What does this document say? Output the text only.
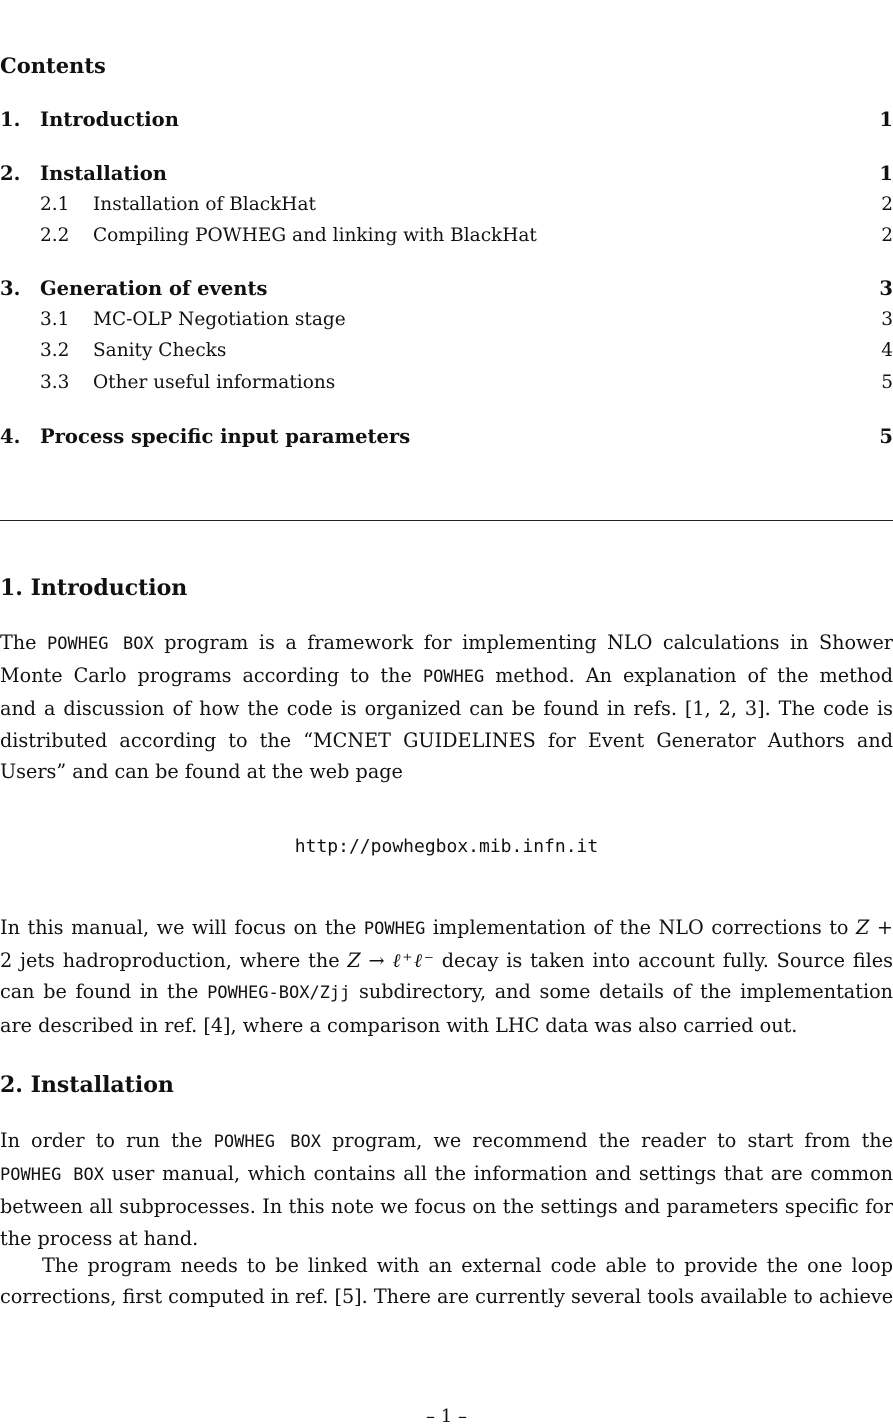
Contents
1.	Introduction	1
2.	Installation	1
2.1	Installation of BlackHat	2
2.2	Compiling POWHEG and linking with BlackHat	2
3.	Generation of events	3
3.1	MC-OLP Negotiation stage	3
3.2	Sanity Checks	4
3.3	Other useful informations	5
4.	Process specific input parameters	5
1. Introduction
The POWHEG BOX program is a framework for implementing NLO calculations in Shower
Monte Carlo programs according to the POWHEG method. An explanation of the method
and a discussion of how the code is organized can be found in refs. [1, 2, 3]. The code is
distributed according to the “MCNET GUIDELINES for Event Generator Authors and
Users” and can be found at the web page
http://powhegbox.mib.infn.it
In this manual, we will focus on the POWHEG implementation of the NLO corrections to Z +
2 jets hadroproduction, where the Z → ℓ⁺ℓ⁻ decay is taken into account fully. Source files
can be found in the POWHEG-BOX/Zjj subdirectory, and some details of the implementation
are described in ref. [4], where a comparison with LHC data was also carried out.
2. Installation
In order to run the POWHEG BOX program, we recommend the reader to start from the
POWHEG BOX user manual, which contains all the information and settings that are common
between all subprocesses. In this note we focus on the settings and parameters specific for
the process at hand.
The program needs to be linked with an external code able to provide the one loop
corrections, first computed in ref. [5]. There are currently several tools available to achieve
– 1 –
